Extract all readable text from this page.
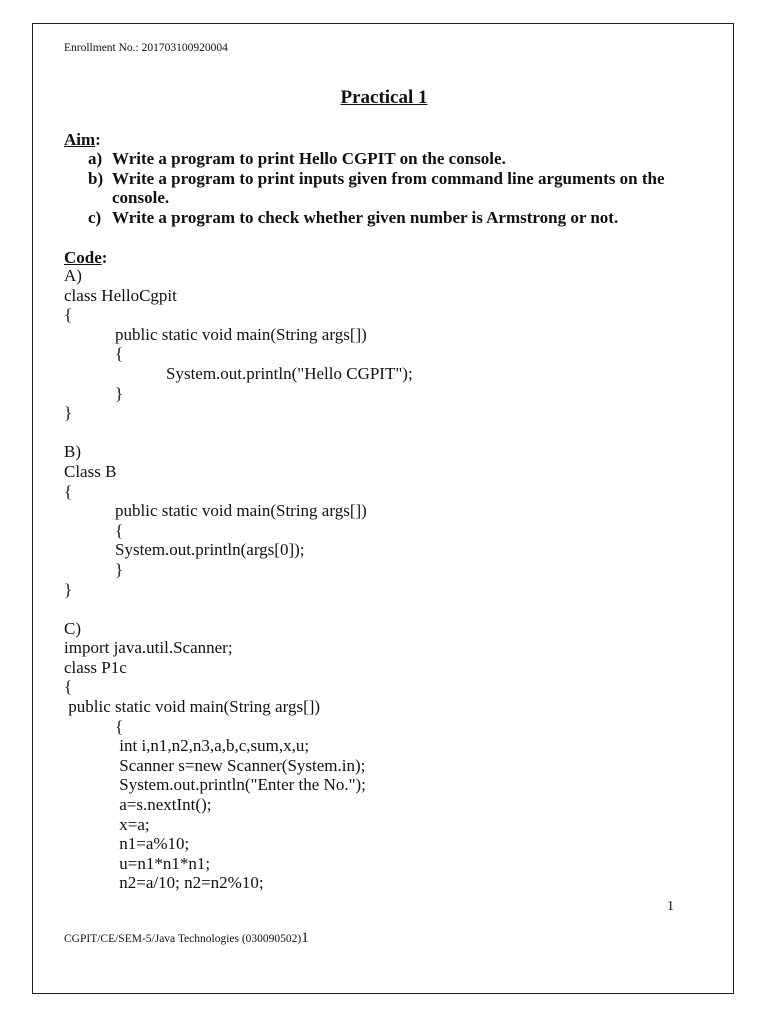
Enrollment No.: 201703100920004
Practical 1
Aim:
a) Write a program to print Hello CGPIT on the console.
b) Write a program to print inputs given from command line arguments on the console.
c) Write a program to check whether given number is Armstrong or not.
Code:
A)
class HelloCgpit
{
public static void main(String args[])
{
System.out.println("Hello CGPIT");
}
}
B)
Class B
{
public static void main(String args[])
{
System.out.println(args[0]);
}
}
C)
import java.util.Scanner;
class P1c
{
public static void main(String args[])
{
int i,n1,n2,n3,a,b,c,sum,x,u;
Scanner s=new Scanner(System.in);
System.out.println("Enter the No.");
a=s.nextInt();
x=a;
n1=a%10;
u=n1*n1*n1;
n2=a/10; n2=n2%10;
1
CGPIT/CE/SEM-5/Java Technologies (030090502)1
